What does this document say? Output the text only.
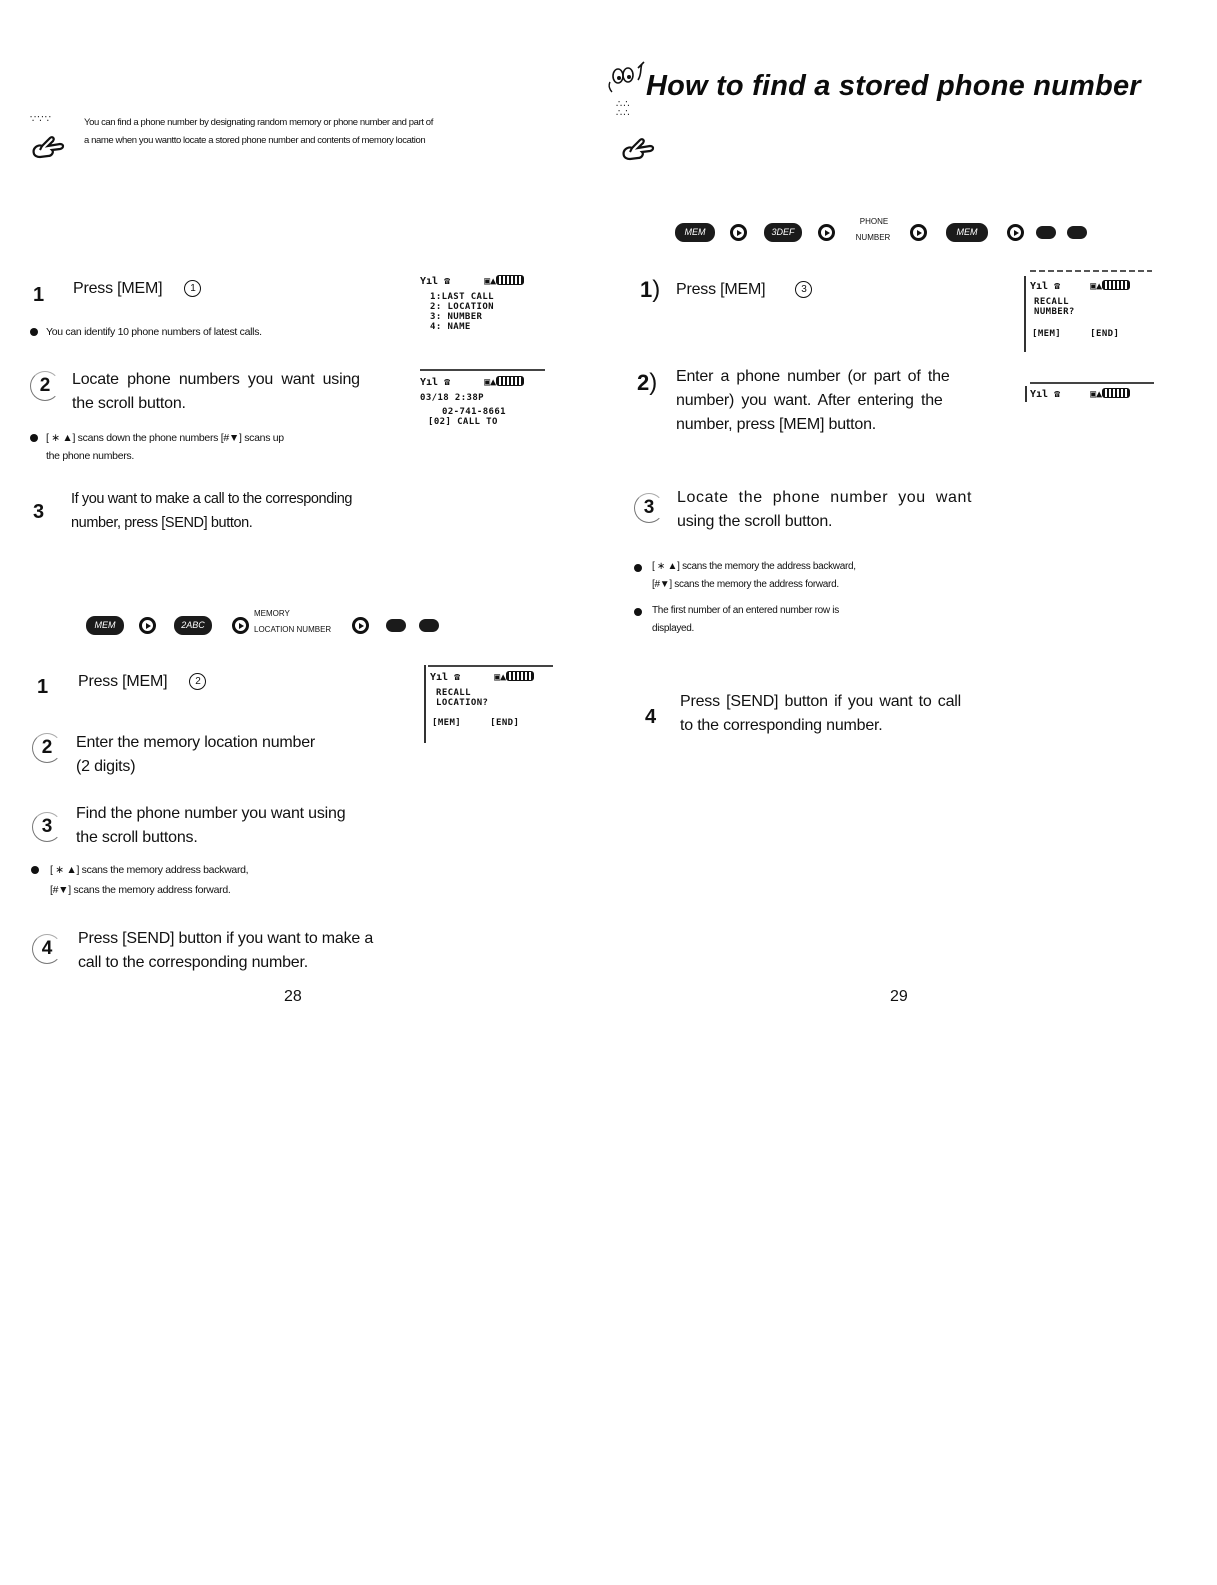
∵∵∵	You can find a phone number by designating random memory or phone number and part of
a name when you wantto locate a stored phone number and contents of memory location
1 Press [MEM]	1
You can identify 10 phone numbers of latest calls.
2	Locate phone numbers you want using
the scroll button.
[ ∗ ▲] scans down the phone numbers [#▼] scans up
the phone numbers.
3
If you want to make a call to the corresponding
number, press [SEND] button.
Yıl ☎	▣▲
1:LAST CALL
2: LOCATION
3: NUMBER
4: NAME
Yıl ☎	▣▲
03/18 2:38P
02-741-8661
[02] CALL TO
MEM	2ABC
MEMORY
LOCATION NUMBER
1 Press [MEM]	2
2	Enter the memory location number
(2 digits)
3
Find the phone number you want using
the scroll buttons.
[ ∗ ▲] scans the memory address backward,
[#▼] scans the memory address forward.
4	Press [SEND] button if you want to make a
call to the corresponding number.
Yıl ☎	▣▲
RECALL
LOCATION?
[MEM]     [END]
28
∴∴
∴∴
How to find a stored phone number
MEM	3DEF
PHONE
NUMBER
MEM
1) Press [MEM]	3
2) Enter a phone number (or part of the
number) you want. After entering the
number, press [MEM] button.
3	Locate the phone number you want
using the scroll button.
[ ∗ ▲] scans the memory the address backward,
[#▼] scans the memory the address forward.
The first number of an entered number row is
displayed.
4
Press [SEND] button if you want to call
to the corresponding number.
Yıl ☎	▣▲
RECALL
NUMBER?
[MEM]     [END]
Yıl ☎	▣▲
29
